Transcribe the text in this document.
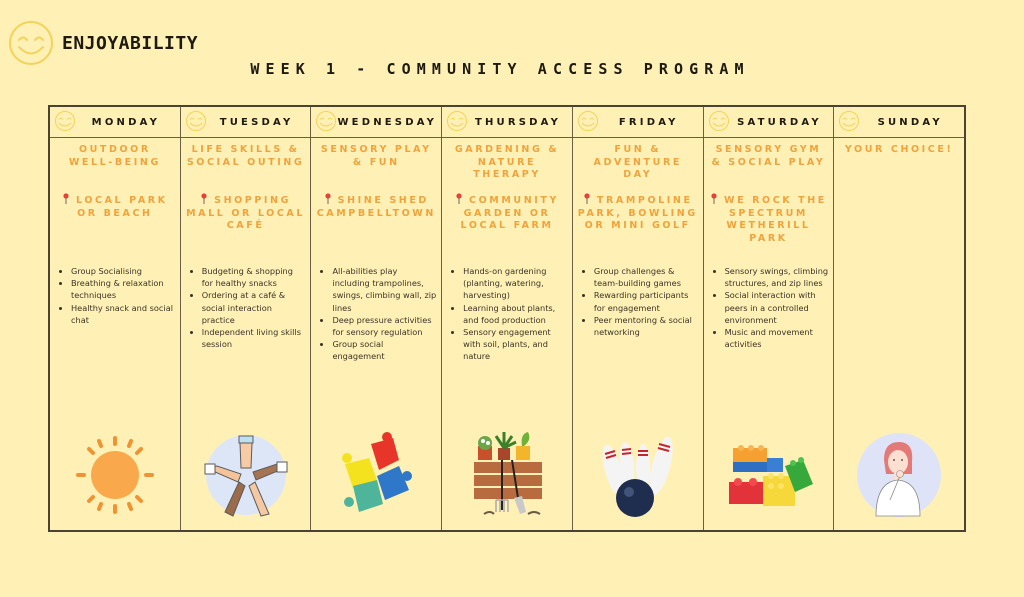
ENJOYABILITY
WEEK 1 - COMMUNITY ACCESS PROGRAM
MONDAY
OUTDOOR WELL-BEING
LOCAL PARK OR BEACH
• Group Socialising
• Breathing & relaxation techniques
• Healthy snack and social chat
TUESDAY
LIFE SKILLS & SOCIAL OUTING
SHOPPING MALL OR LOCAL CAFÉ
• Budgeting & shopping for healthy snacks
• Ordering at a café & social interaction practice
• Independent living skills session
WEDNESDAY
SENSORY PLAY & FUN
SHINE SHED CAMPBELLTOWN
• All-abilities play including trampolines, swings, climbing wall, zip lines
• Deep pressure activities for sensory regulation
• Group social engagement
THURSDAY
GARDENING & NATURE THERAPY
COMMUNITY GARDEN OR LOCAL FARM
• Hands-on gardening (planting, watering, harvesting)
• Learning about plants, and food production
• Sensory engagement with soil, plants, and nature
FRIDAY
FUN & ADVENTURE DAY
TRAMPOLINE PARK, BOWLING OR MINI GOLF
• Group challenges & team-building games
• Rewarding participants for engagement
• Peer mentoring & social networking
SATURDAY
SENSORY GYM & SOCIAL PLAY
WE ROCK THE SPECTRUM WETHERILL PARK
• Sensory swings, climbing structures, and zip lines
• Social interaction with peers in a controlled environment
• Music and movement activities
SUNDAY
YOUR CHOICE!
